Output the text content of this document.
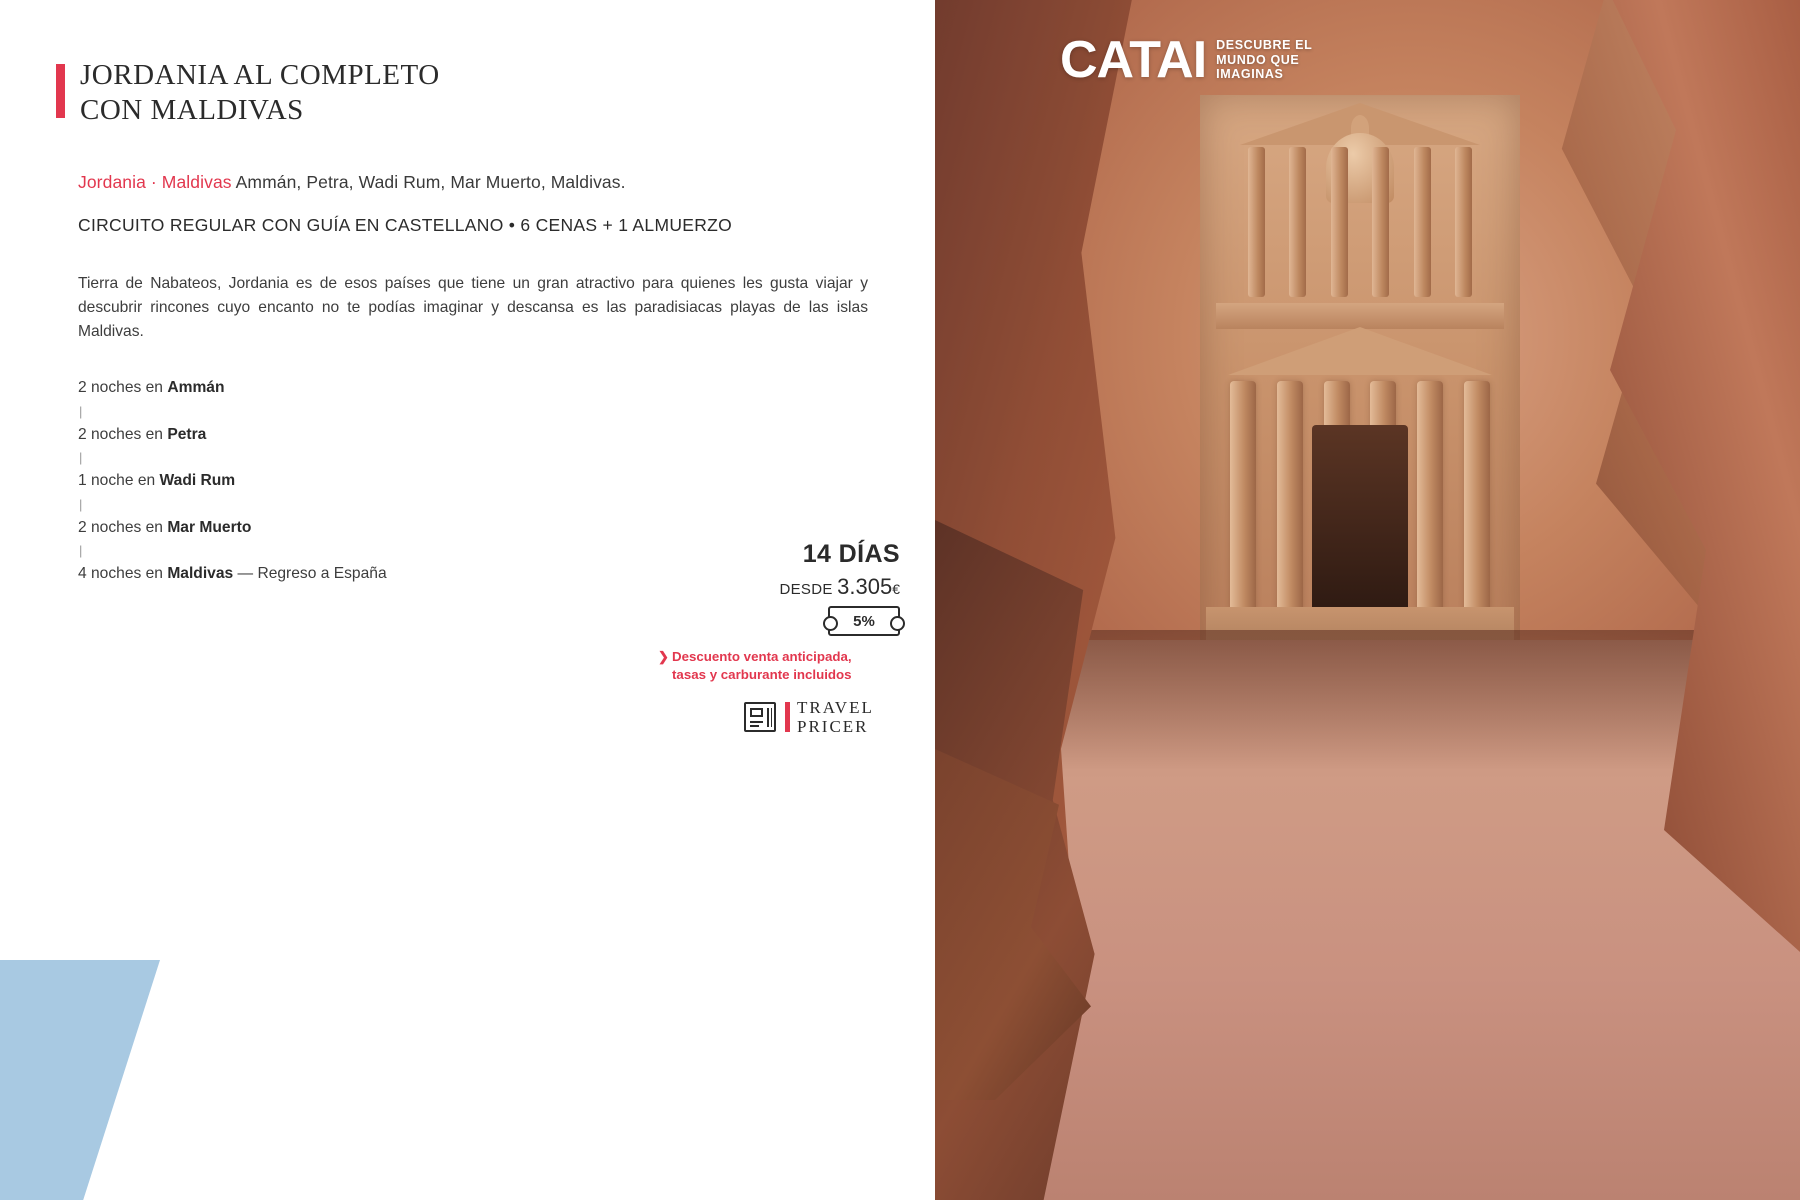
JORDANIA AL COMPLETO
CON MALDIVAS
Jordania · Maldivas Ammán, Petra, Wadi Rum, Mar Muerto, Maldivas.
CIRCUITO REGULAR CON GUÍA EN CASTELLANO • 6 CENAS + 1 ALMUERZO
Tierra de Nabateos, Jordania es de esos países que tiene un gran atractivo para quienes les gusta viajar y descubrir rincones cuyo encanto no te podías imaginar y descansa es las paradisiacas playas de las islas Maldivas.
2 noches en Ammán
|
2 noches en Petra
|
1 noche en Wadi Rum
|
2 noches en Mar Muerto
|
4 noches en Maldivas — Regreso a España
14 DÍAS
DESDE 3.305€
5%
❯ Descuento venta anticipada,
tasas y carburante incluidos
TRAVEL
PRICER
CATAI DESCUBRE EL
MUNDO QUE
IMAGINAS
